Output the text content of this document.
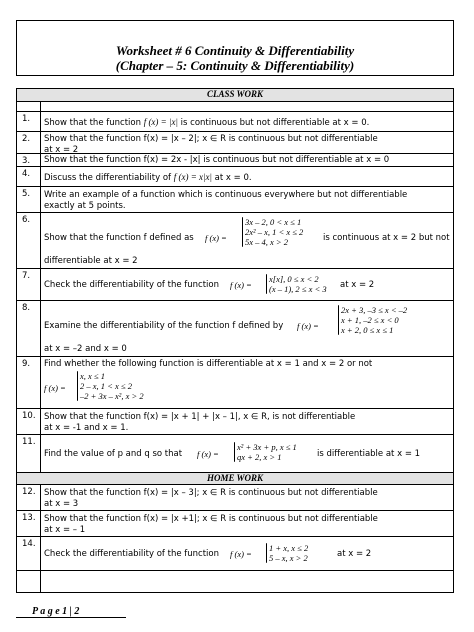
Worksheet # 6 Continuity & Differentiability
(Chapter – 5: Continuity & Differentiability)
CLASS WORK
1.	Show that the function f (x) = |x| is continuous but not differentiable at x = 0.
2.	Show that the function f(x) = |x – 2|; x ∈ R is continuous but not differentiable
at x = 2
3.	Show that the function f(x) = 2x - |x| is continuous but not differentiable at x = 0
4.	Discuss the differentiability of f (x) = x|x| at x = 0.
5.	Write an example of a function which is continuous everywhere but not differentiable
exactly at 5 points.
6.
Show that the function f defined as f (x) =
3x – 2, 0 < x ≤ 1
2x² – x, 1 < x ≤ 2
5x – 4, x > 2	is continuous at x = 2 but not
differentiable at x = 2
7.
Check the differentiability of the function f (x) =
x[x], 0 ≤ x < 2
(x – 1), 2 ≤ x < 3 at x = 2
8.
Examine the differentiability of the function f defined by f (x) =
2x + 3, –3 ≤ x < –2
x + 1, –2 ≤ x < 0
x + 2, 0 ≤ x ≤ 1
at x = –2 and x = 0
9.	Find whether the following function is differentiable at x = 1 and x = 2 or not
f (x) =
x, x ≤ 1
2 – x, 1 < x ≤ 2
–2 + 3x – x², x > 2
10. Show that the function f(x) = |x + 1| + |x – 1|, x ∈ R, is not differentiable
at x = -1 and x = 1.
11.
Find the value of p and q so that f (x) =
x² + 3x + p, x ≤ 1
qx + 2, x > 1	is differentiable at x = 1
HOME WORK
12. Show that the function f(x) = |x – 3|; x ∈ R is continuous but not differentiable
at x = 3
13. Show that the function f(x) = |x +1|; x ∈ R is continuous but not differentiable
at x = – 1
14.
Check the differentiability of the function f (x) =
1 + x, x ≤ 2
5 – x, x > 2	at x = 2
P a g e 1 | 2
